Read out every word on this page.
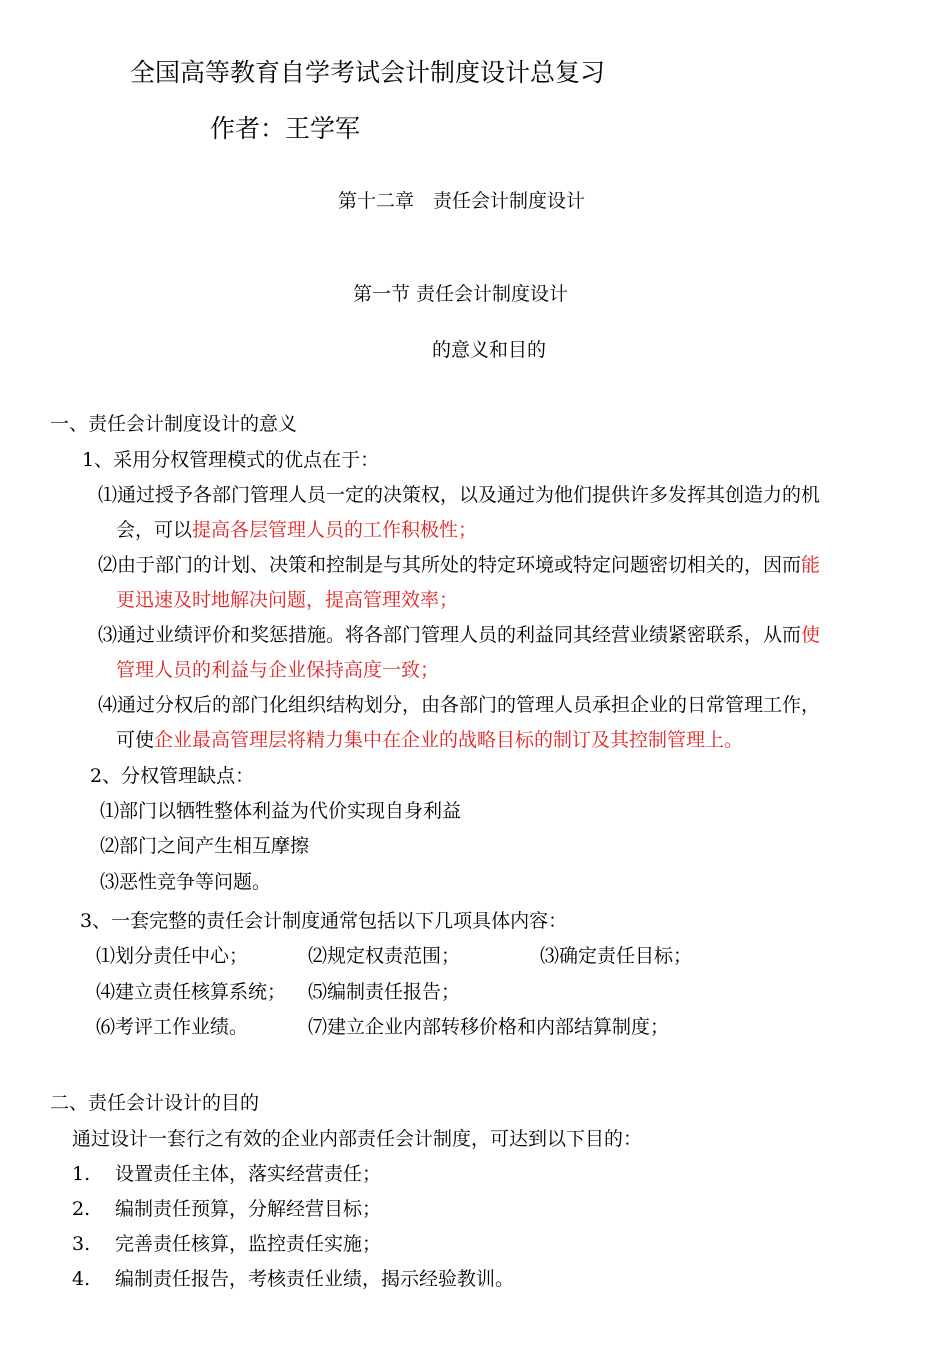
全国高等教育自学考试会计制度设计总复习
作者：王学军
第十二章　责任会计制度设计
第一节 责任会计制度设计
的意义和目的
一、责任会计制度设计的意义
1、采用分权管理模式的优点在于：
⑴通过授予各部门管理人员一定的决策权，以及通过为他们提供许多发挥其创造力的机
会，可以提高各层管理人员的工作积极性；
⑵由于部门的计划、决策和控制是与其所处的特定环境或特定问题密切相关的，因而能
更迅速及时地解决问题，提高管理效率；
⑶通过业绩评价和奖惩措施。将各部门管理人员的利益同其经营业绩紧密联系，从而使
管理人员的利益与企业保持高度一致；
⑷通过分权后的部门化组织结构划分，由各部门的管理人员承担企业的日常管理工作，
可使企业最高管理层将精力集中在企业的战略目标的制订及其控制管理上。
2、分权管理缺点：
⑴部门以牺牲整体利益为代价实现自身利益
⑵部门之间产生相互摩擦
⑶恶性竞争等问题。
3、一套完整的责任会计制度通常包括以下几项具体内容：
⑴划分责任中心；	⑵规定权责范围；	⑶确定责任目标；
⑷建立责任核算系统； ⑸编制责任报告；
⑹考评工作业绩。	⑺建立企业内部转移价格和内部结算制度；
二、责任会计设计的目的
通过设计一套行之有效的企业内部责任会计制度，可达到以下目的：
1. 设置责任主体，落实经营责任；
2. 编制责任预算，分解经营目标；
3. 完善责任核算，监控责任实施；
4. 编制责任报告，考核责任业绩，揭示经验教训。
